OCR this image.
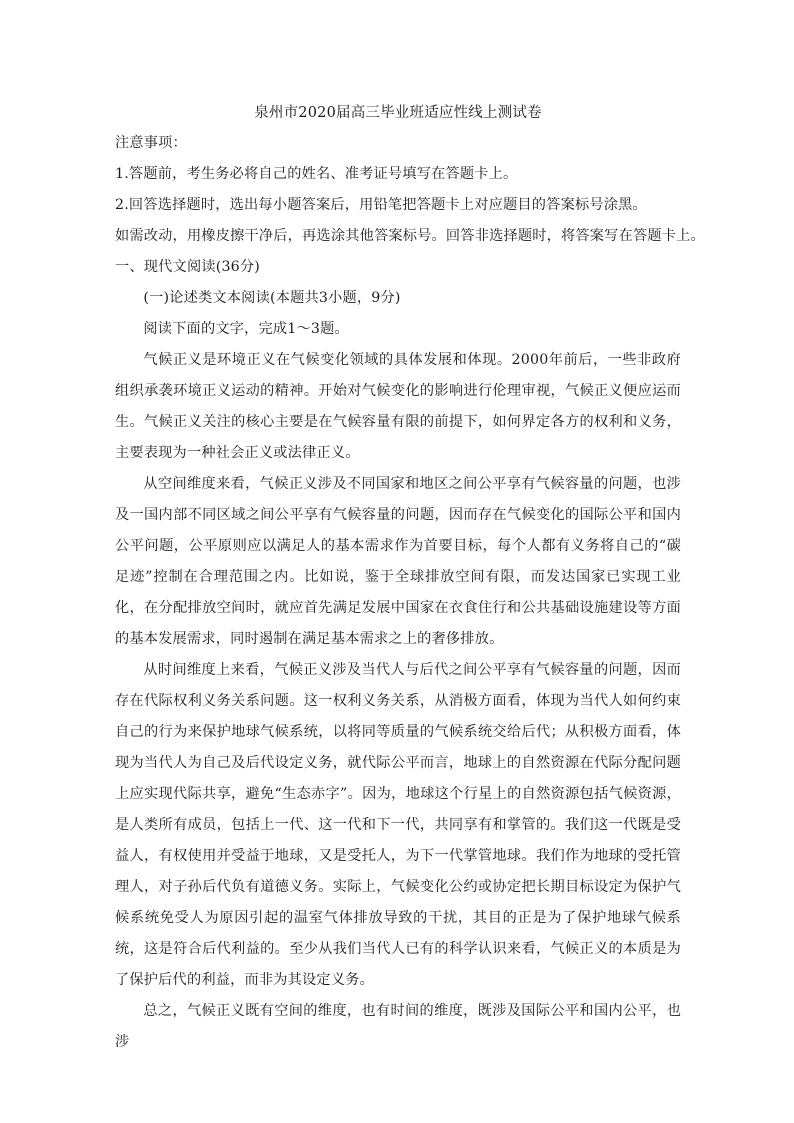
泉州市2020届高三毕业班适应性线上测试卷

注意事项：

1.答题前，考生务必将自己的姓名、准考证号填写在答题卡上。

2.回答选择题时，选出每小题答案后，用铅笔把答题卡上对应题目的答案标号涂黑。

如需改动，用橡皮擦干净后，再选涂其他答案标号。回答非选择题时，将答案写在答题卡上。

一、现代文阅读(36分)

(一)论述类文本阅读(本题共3小题，9分)

阅读下面的文字，完成1～3题。

气候正义是环境正义在气候变化领域的具体发展和体现。2000年前后，一些非政府组织承袭环境正义运动的精神。开始对气候变化的影响进行伦理审视，气候正义便应运而生。气候正义关注的核心主要是在气候容量有限的前提下，如何界定各方的权利和义务，主要表现为一种社会正义或法律正义。

从空间维度来看，气候正义涉及不同国家和地区之间公平享有气候容量的问题，也涉及一国内部不同区域之间公平享有气候容量的问题，因而存在气候变化的国际公平和国内公平问题，公平原则应以满足人的基本需求作为首要目标，每个人都有义务将自己的“碳足迹”控制在合理范围之内。比如说，鉴于全球排放空间有限，而发达国家已实现工业化，在分配排放空间时，就应首先满足发展中国家在衣食住行和公共基础设施建设等方面的基本发展需求，同时遏制在满足基本需求之上的奢侈排放。

从时间维度上来看，气候正义涉及当代人与后代之间公平享有气候容量的问题，因而存在代际权利义务关系问题。这一权利义务关系，从消极方面看，体现为当代人如何约束自己的行为来保护地球气候系统，以将同等质量的气候系统交给后代；从积极方面看，体现为当代人为自己及后代设定义务，就代际公平而言，地球上的自然资源在代际分配问题上应实现代际共享，避免“生态赤字”。因为，地球这个行星上的自然资源包括气候资源，是人类所有成员，包括上一代、这一代和下一代，共同享有和掌管的。我们这一代既是受益人，有权使用并受益于地球，又是受托人，为下一代掌管地球。我们作为地球的受托管理人，对子孙后代负有道德义务。实际上，气候变化公约或协定把长期目标设定为保护气候系统免受人为原因引起的温室气体排放导致的干扰，其目的正是为了保护地球气候系统，这是符合后代利益的。至少从我们当代人已有的科学认识来看，气候正义的本质是为了保护后代的利益，而非为其设定义务。

总之，气候正义既有空间的维度，也有时间的维度，既涉及国际公平和国内公平，也涉
